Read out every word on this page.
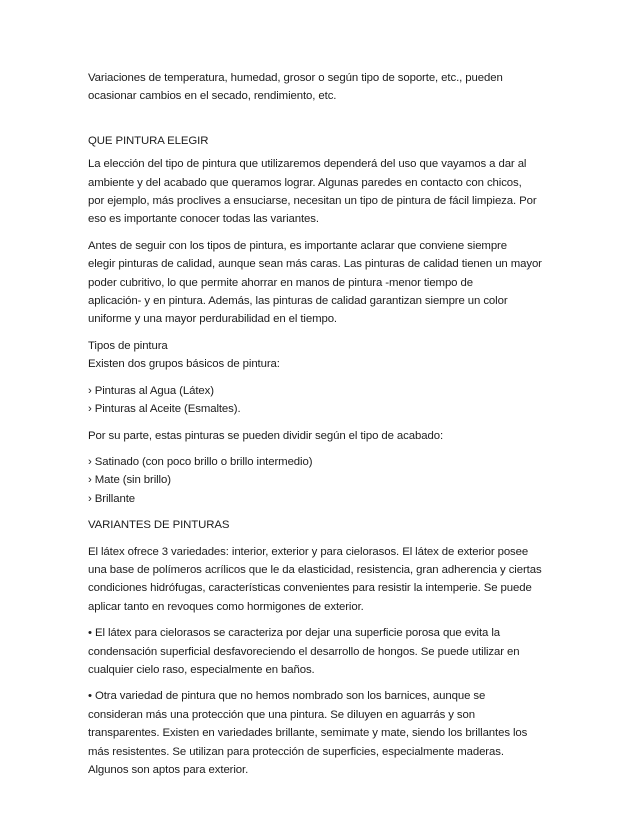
Variaciones de temperatura, humedad, grosor o según tipo de soporte, etc., pueden
ocasionar cambios en el secado, rendimiento, etc.

QUE PINTURA ELEGIR

La elección del tipo de pintura que utilizaremos dependerá del uso que vayamos a dar al
ambiente y del acabado que queramos lograr. Algunas paredes en contacto con chicos,
por ejemplo, más proclives a ensuciarse, necesitan un tipo de pintura de fácil limpieza. Por
eso es importante conocer todas las variantes.

Antes de seguir con los tipos de pintura, es importante aclarar que conviene siempre
elegir pinturas de calidad, aunque sean más caras. Las pinturas de calidad tienen un mayor
poder cubritivo, lo que permite ahorrar en manos de pintura -menor tiempo de
aplicación- y en pintura. Además, las pinturas de calidad garantizan siempre un color
uniforme y una mayor perdurabilidad en el tiempo.

Tipos de pintura
Existen dos grupos básicos de pintura:

› Pinturas al Agua (Látex)
› Pinturas al Aceite (Esmaltes).

Por su parte, estas pinturas se pueden dividir según el tipo de acabado:

› Satinado (con poco brillo o brillo intermedio)
› Mate (sin brillo)
› Brillante

VARIANTES DE PINTURAS

El látex ofrece 3 variedades: interior, exterior y para cielorasos. El látex de exterior posee
una base de polímeros acrílicos que le da elasticidad, resistencia, gran adherencia y ciertas
condiciones hidrófugas, características convenientes para resistir la intemperie. Se puede
aplicar tanto en revoques como hormigones de exterior.

• El látex para cielorasos se caracteriza por dejar una superficie porosa que evita la
condensación superficial desfavoreciendo el desarrollo de hongos. Se puede utilizar en
cualquier cielo raso, especialmente en baños.

• Otra variedad de pintura que no hemos nombrado son los barnices, aunque se
consideran más una protección que una pintura. Se diluyen en aguarrás y son
transparentes. Existen en variedades brillante, semimate y mate, siendo los brillantes los
más resistentes. Se utilizan para protección de superficies, especialmente maderas.
Algunos son aptos para exterior.
